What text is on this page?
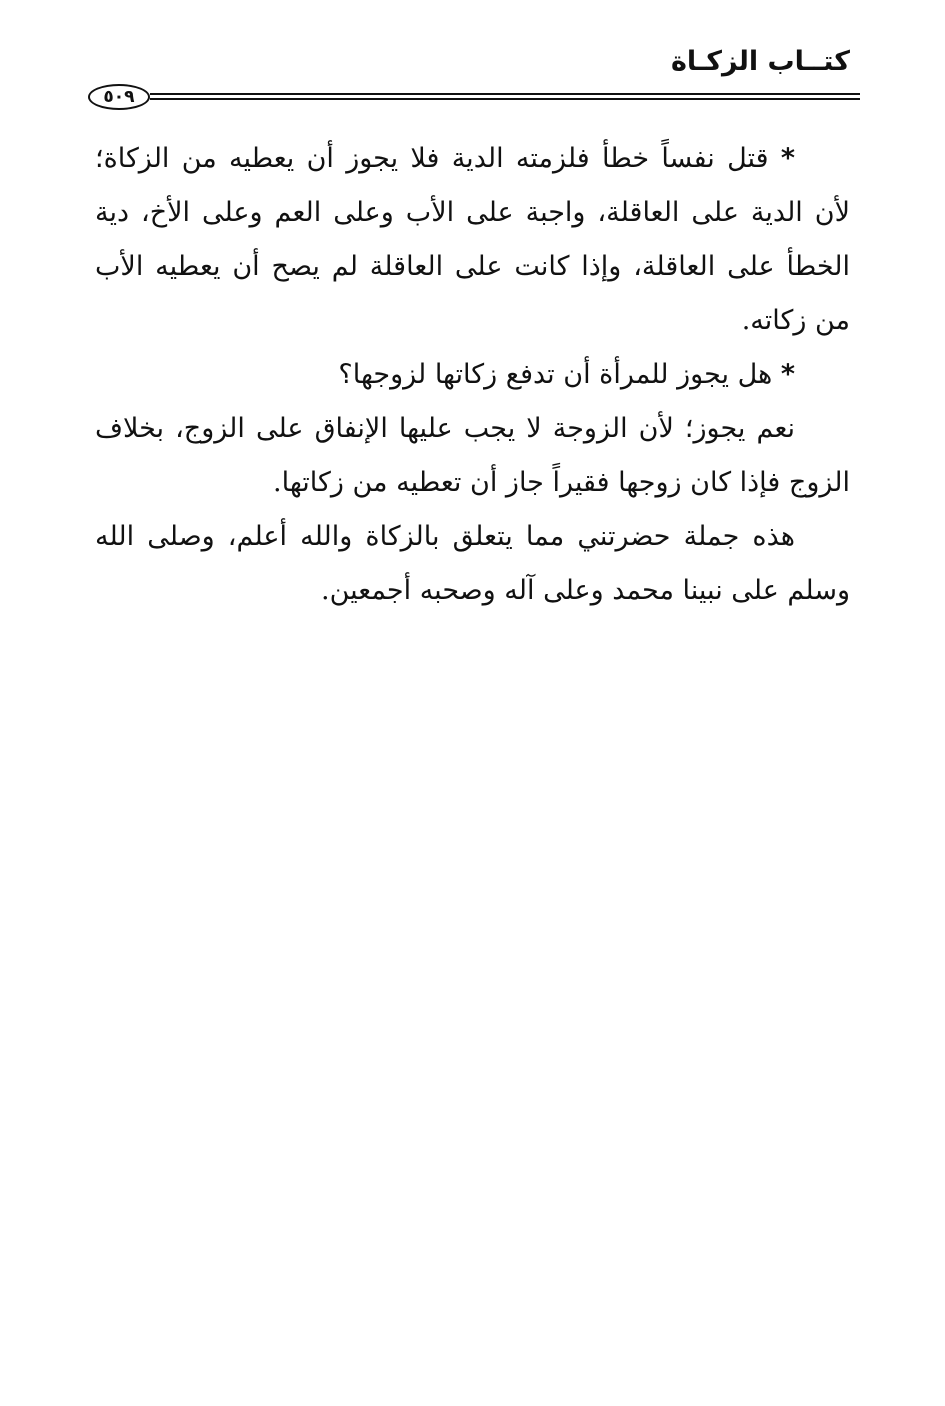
كتــاب الزكـاة
٥٠٩

* قتل نفساً خطأ فلزمته الدية فلا يجوز أن يعطيه من الزكاة؛ لأن الدية على العاقلة، واجبة على الأب وعلى العم وعلى الأخ، دية الخطأ على العاقلة، وإذا كانت على العاقلة لم يصح أن يعطيه الأب من زكاته.

* هل يجوز للمرأة أن تدفع زكاتها لزوجها؟

نعم يجوز؛ لأن الزوجة لا يجب عليها الإنفاق على الزوج، بخلاف الزوج فإذا كان زوجها فقيراً جاز أن تعطيه من زكاتها.

هذه جملة حضرتني مما يتعلق بالزكاة والله أعلم، وصلى الله وسلم على نبينا محمد وعلى آله وصحبه أجمعين.
